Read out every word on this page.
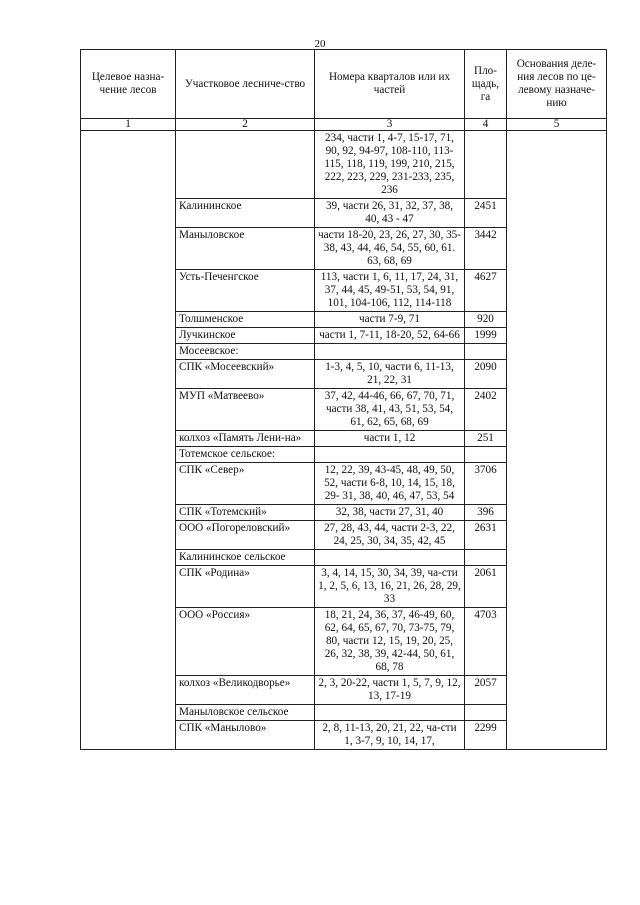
20
Целевое назна-чение лесов	Участковое лесниче-ство	Номера кварталов или их частей	Пло-щадь, га	Основания деле-ния лесов по це-левому назначе-нию
1	2	3	4	5
		234, части 1, 4-7, 15-17, 71, 90, 92, 94-97, 108-110, 113-115, 118, 119, 199, 210, 215, 222, 223, 229, 231-233, 235, 236		
	Калининское	39, части 26, 31, 32, 37, 38, 40, 43 - 47	2451	
	Маныловское	части 18-20, 23, 26, 27, 30, 35-38, 43, 44, 46, 54, 55, 60, 61. 63, 68, 69	3442	
	Усть-Печенгское	113, части 1, 6, 11, 17, 24, 31, 37, 44, 45, 49-51, 53, 54, 91, 101, 104-106, 112, 114-118	4627	
	Толшменское	части 7-9, 71	920	
	Лучкинское	части 1, 7-11, 18-20, 52, 64-66	1999	
	Мосеевское:			
	СПК «Мосеевский»	1-3, 4, 5, 10, части 6, 11-13, 21, 22, 31	2090	
	МУП «Матвеево»	37, 42, 44-46, 66, 67, 70, 71, части 38, 41, 43, 51, 53, 54, 61, 62, 65, 68, 69	2402	
	колхоз «Память Лени-на»	части 1, 12	251	
	Тотемское сельское:			
	СПК «Север»	12, 22, 39, 43-45, 48, 49, 50, 52, части 6-8, 10, 14, 15, 18, 29- 31, 38, 40, 46, 47, 53, 54	3706	
	СПК «Тотемский»	32, 38, части 27, 31, 40	396	
	ООО «Погореловский»	27, 28, 43, 44, части 2-3, 22, 24, 25, 30, 34, 35, 42, 45	2631	
	Калининское сельское			
	СПК «Родина»	3, 4, 14, 15, 30, 34, 39, ча-сти 1, 2, 5, 6, 13, 16, 21, 26, 28, 29, 33	2061	
	ООО «Россия»	18, 21, 24, 36, 37, 46-49, 60, 62, 64, 65, 67, 70, 73-75, 79, 80, части 12, 15, 19, 20, 25, 26, 32, 38, 39, 42-44, 50, 61, 68, 78	4703	
	колхоз «Великодворье»	2, 3, 20-22, части 1, 5, 7, 9, 12, 13, 17-19	2057	
	Маныловское сельское			
	СПК «Манылово»	2, 8, 11-13, 20, 21, 22, ча-сти 1, 3-7, 9, 10, 14, 17,	2299	
